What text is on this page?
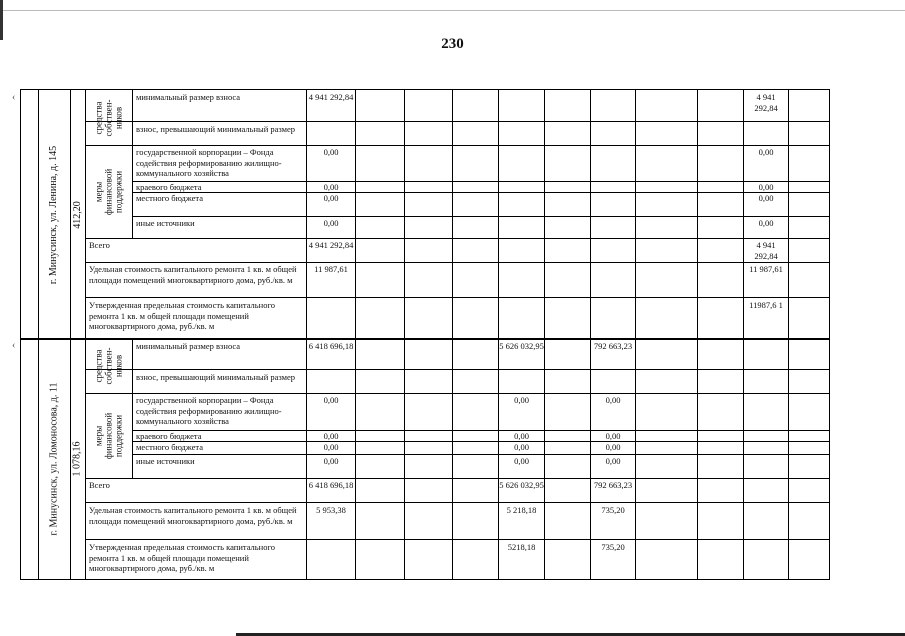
230
‹
‹
г. Минусинск, ул. Ленина, д. 145 412,20
средства собствен-ников
меры финансовой поддержки
минимальный размер взноса
взнос, превышающий минимальный размер
государственной корпорации – Фонда содействия реформированию жилищно-коммунального хозяйства
краевого бюджета
местного бюджета
иные источники
Всего
Удельная стоимость капитального ремонта 1 кв. м общей площади помещений многоквартирного дома, руб./кв. м
Утвержденная предельная стоимость капитального ремонта 1 кв. м общей площади помещений многоквартирного дома, руб./кв. м
4 941 292,84
0,00
0,00
0,00
0,00
4 941 292,84
11 987,61
4 941 292,84
0,00
0,00
0,00
0,00
4 941 292,84
11 987,61
11987,6 1
г. Минусинск, ул. Ломоносова, д. 11 1 078,16
средства собствен-ников
меры финансовой поддержки
минимальный размер взноса
взнос, превышающий минимальный размер
государственной корпорации – Фонда содействия реформированию жилищно-коммунального хозяйства
краевого бюджета
местного бюджета
иные источники
Всего
Удельная стоимость капитального ремонта 1 кв. м общей площади помещений многоквартирного дома, руб./кв. м
Утвержденная предельная стоимость капитального ремонта 1 кв. м общей площади помещений многоквартирного дома, руб./кв. м
6 418 696,18
0,00
0,00
0,00
0,00
6 418 696,18
5 953,38
5 626 032,95
0,00
0,00
0,00
0,00
5 626 032,95
5 218,18
5218,18
792 663,23
0,00
0,00
0,00
0,00
792 663,23
735,20
735,20
